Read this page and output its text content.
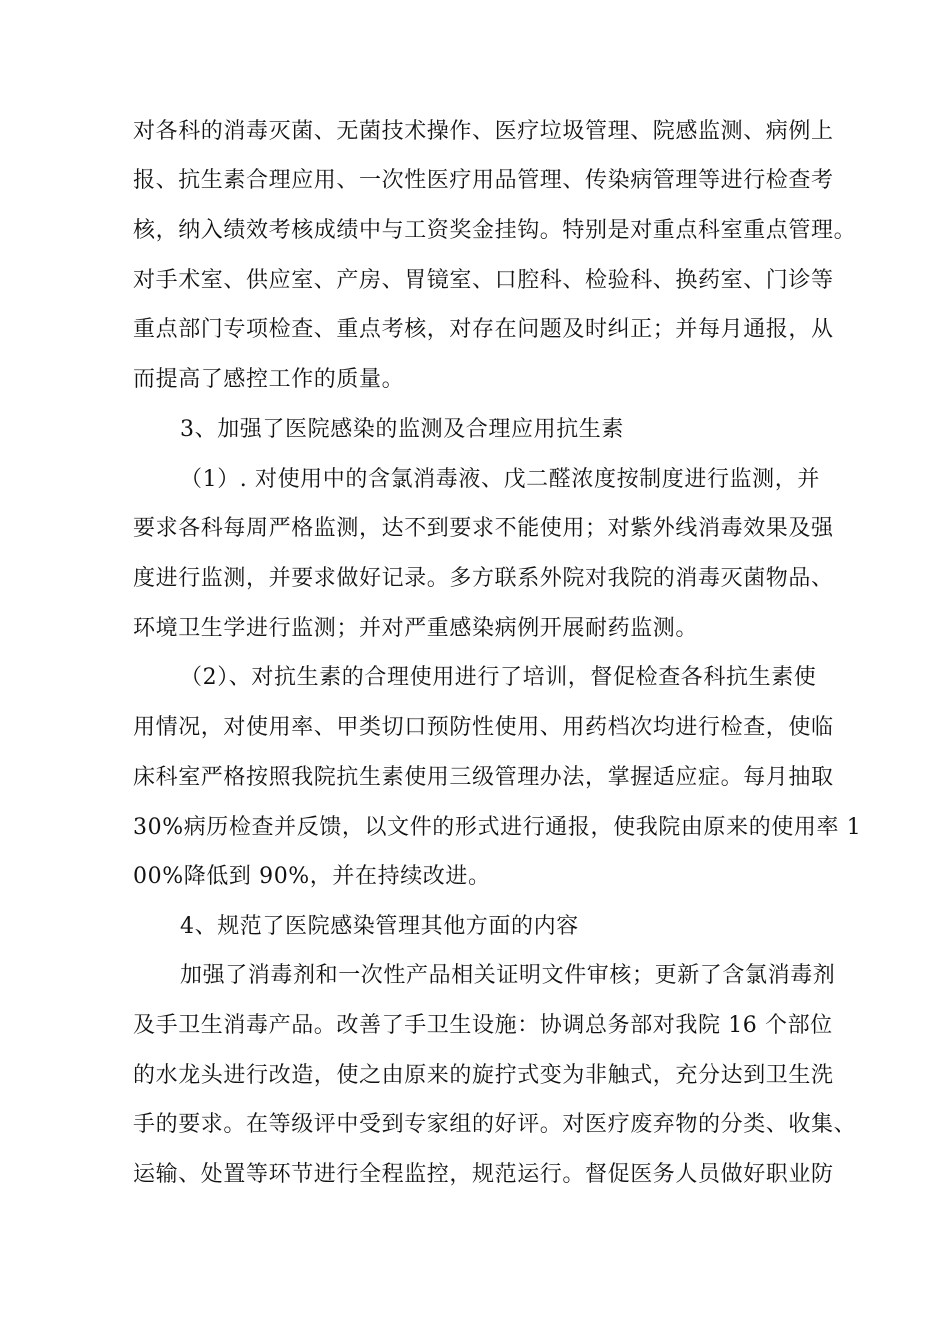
对各科的消毒灭菌、无菌技术操作、医疗垃圾管理、院感监测、病例上
报、抗生素合理应用、一次性医疗用品管理、传染病管理等进行检查考
核，纳入绩效考核成绩中与工资奖金挂钩。特别是对重点科室重点管理。
对手术室、供应室、产房、胃镜室、口腔科、检验科、换药室、门诊等
重点部门专项检查、重点考核，对存在问题及时纠正；并每月通报，从
而提高了感控工作的质量。
3、加强了医院感染的监测及合理应用抗生素
（1）. 对使用中的含氯消毒液、戊二醛浓度按制度进行监测，并
要求各科每周严格监测，达不到要求不能使用；对紫外线消毒效果及强
度进行监测，并要求做好记录。多方联系外院对我院的消毒灭菌物品、
环境卫生学进行监测；并对严重感染病例开展耐药监测。
（2）、对抗生素的合理使用进行了培训，督促检查各科抗生素使
用情况，对使用率、甲类切口预防性使用、用药档次均进行检查，使临
床科室严格按照我院抗生素使用三级管理办法，掌握适应症。每月抽取
30%病历检查并反馈，以文件的形式进行通报，使我院由原来的使用率 1
00%降低到 90%，并在持续改进。
4、规范了医院感染管理其他方面的内容
加强了消毒剂和一次性产品相关证明文件审核；更新了含氯消毒剂
及手卫生消毒产品。改善了手卫生设施：协调总务部对我院 16 个部位
的水龙头进行改造，使之由原来的旋拧式变为非触式，充分达到卫生洗
手的要求。在等级评中受到专家组的好评。对医疗废弃物的分类、收集、
运输、处置等环节进行全程监控，规范运行。督促医务人员做好职业防
